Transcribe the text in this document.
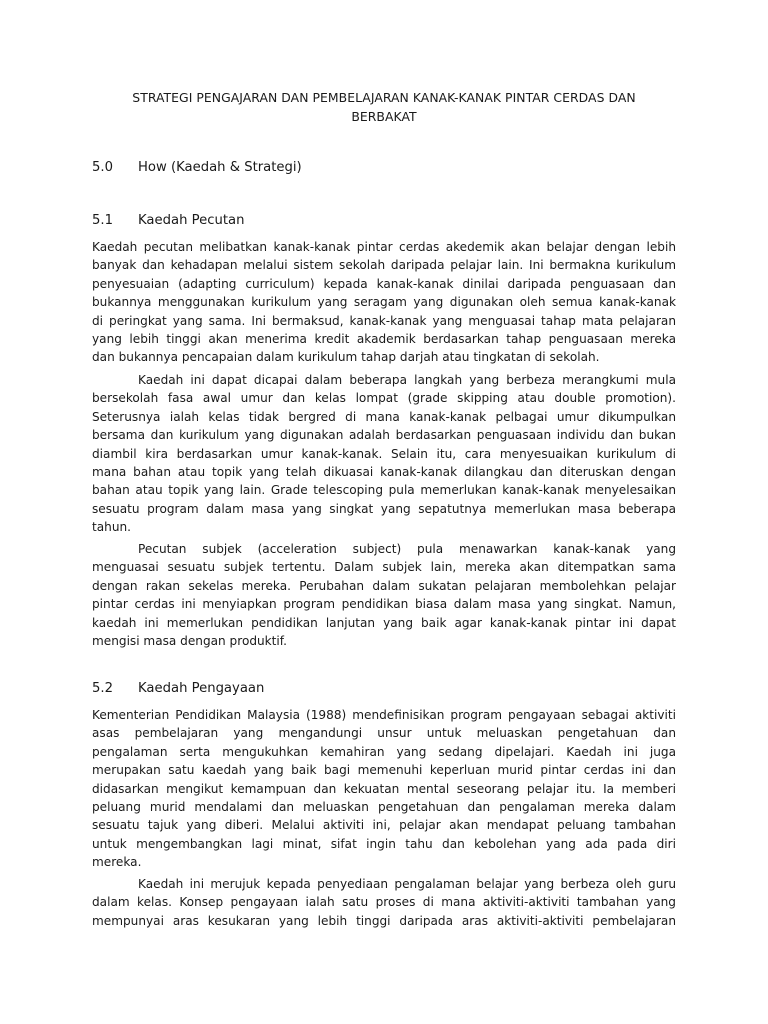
STRATEGI PENGAJARAN DAN PEMBELAJARAN KANAK-KANAK PINTAR CERDAS DAN
BERBAKAT
5.0 How (Kaedah & Strategi)
5.1 Kaedah Pecutan
Kaedah pecutan melibatkan kanak-kanak pintar cerdas akedemik akan belajar dengan lebih
banyak dan kehadapan melalui sistem sekolah daripada pelajar lain. Ini bermakna kurikulum
penyesuaian (adapting curriculum) kepada kanak-kanak dinilai daripada penguasaan dan
bukannya menggunakan kurikulum yang seragam yang digunakan oleh semua kanak-kanak
di peringkat yang sama. Ini bermaksud, kanak-kanak yang menguasai tahap mata pelajaran
yang lebih tinggi akan menerima kredit akademik berdasarkan tahap penguasaan mereka
dan bukannya pencapaian dalam kurikulum tahap darjah atau tingkatan di sekolah.
Kaedah ini dapat dicapai dalam beberapa langkah yang berbeza merangkumi mula
bersekolah fasa awal umur dan kelas lompat (grade skipping atau double promotion).
Seterusnya ialah kelas tidak bergred di mana kanak-kanak pelbagai umur dikumpulkan
bersama dan kurikulum yang digunakan adalah berdasarkan penguasaan individu dan bukan
diambil kira berdasarkan umur kanak-kanak. Selain itu, cara menyesuaikan kurikulum di
mana bahan atau topik yang telah dikuasai kanak-kanak dilangkau dan diteruskan dengan
bahan atau topik yang lain. Grade telescoping pula memerlukan kanak-kanak menyelesaikan
sesuatu program dalam masa yang singkat yang sepatutnya memerlukan masa beberapa
tahun.
Pecutan subjek (acceleration subject) pula menawarkan kanak-kanak yang
menguasai sesuatu subjek tertentu. Dalam subjek lain, mereka akan ditempatkan sama
dengan rakan sekelas mereka. Perubahan dalam sukatan pelajaran membolehkan pelajar
pintar cerdas ini menyiapkan program pendidikan biasa dalam masa yang singkat. Namun,
kaedah ini memerlukan pendidikan lanjutan yang baik agar kanak-kanak pintar ini dapat
mengisi masa dengan produktif.
5.2 Kaedah Pengayaan
Kementerian Pendidikan Malaysia (1988) mendefinisikan program pengayaan sebagai aktiviti
asas pembelajaran yang mengandungi unsur untuk meluaskan pengetahuan dan
pengalaman serta mengukuhkan kemahiran yang sedang dipelajari. Kaedah ini juga
merupakan satu kaedah yang baik bagi memenuhi keperluan murid pintar cerdas ini dan
didasarkan mengikut kemampuan dan kekuatan mental seseorang pelajar itu. Ia memberi
peluang murid mendalami dan meluaskan pengetahuan dan pengalaman mereka dalam
sesuatu tajuk yang diberi. Melalui aktiviti ini, pelajar akan mendapat peluang tambahan
untuk mengembangkan lagi minat, sifat ingin tahu dan kebolehan yang ada pada diri
mereka.
Kaedah ini merujuk kepada penyediaan pengalaman belajar yang berbeza oleh guru
dalam kelas. Konsep pengayaan ialah satu proses di mana aktiviti-aktiviti tambahan yang
mempunyai aras kesukaran yang lebih tinggi daripada aras aktiviti-aktiviti pembelajaran
